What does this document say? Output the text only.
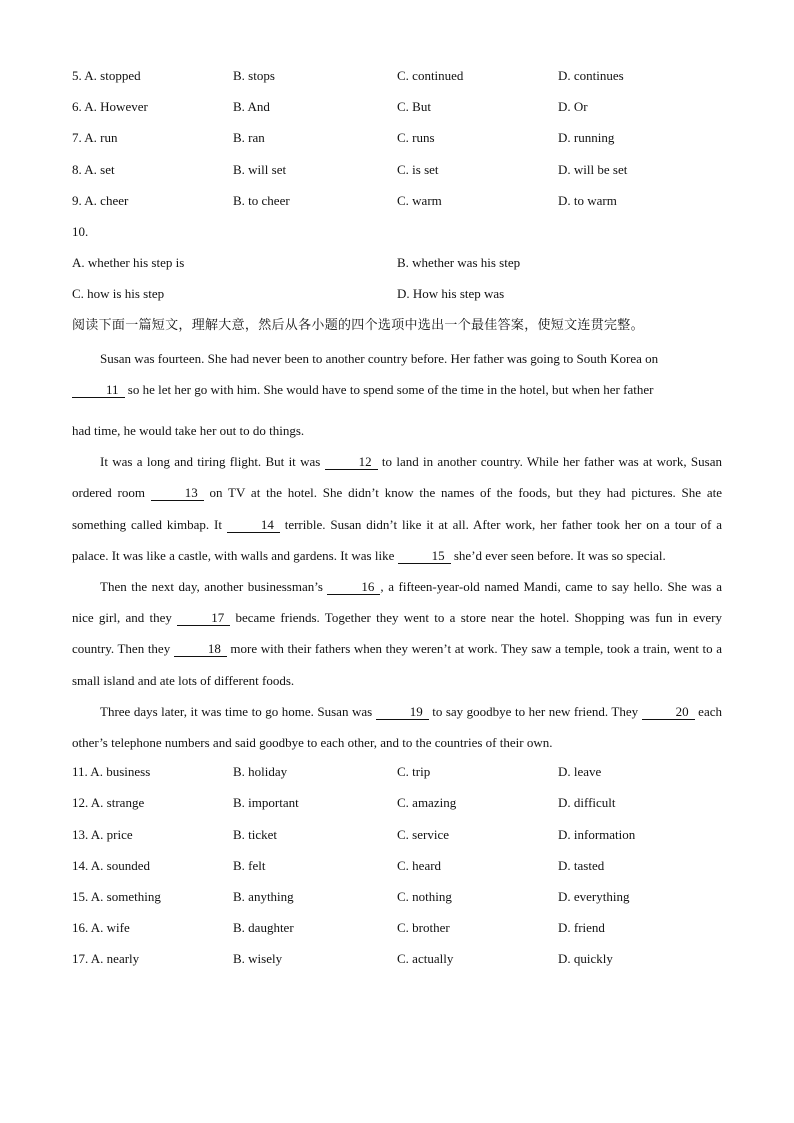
5. A. stopped	B. stops	C. continued	D. continues
6. A. However	B. And	C. But	D. Or
7. A. run	B. ran	C. runs	D. running
8. A. set	B. will set	C. is set	D. will be set
9. A. cheer	B. to cheer	C. warm	D. to warm
10.
A. whether his step is	B. whether was his step
C. how is his step	D. How his step was
阅读下面一篇短文，理解大意，然后从各小题的四个选项中选出一个最佳答案，使短文连贯完整。

Susan was fourteen. She had never been to another country before. Her father was going to South Korea on
11 so he let her go with him. She would have to spend some of the time in the hotel, but when her father

had time, he would take her out to do things.

It was a long and tiring flight. But it was	12 to land in another country. While her father was at work, Susan ordered room	13 on TV at the hotel. She didn’t know the names of the foods, but they had pictures. She ate something called kimbap. It	14 terrible. Susan didn’t like it at all. After work, her father took her on a tour of a palace. It was like a castle, with walls and gardens. It was like	15 she’d ever seen before. It was so special.

Then the next day, another businessman’s	16 , a fifteen-year-old named Mandi, came to say hello. She was a nice girl, and they	17 became friends. Together they went to a store near the hotel. Shopping was fun in every country. Then they	18 more with their fathers when they weren’t at work. They saw a temple, took a train, went to a small island and ate lots of different foods.

Three days later, it was time to go home. Susan was	19 to say goodbye to her new friend. They	20 each other’s telephone numbers and said goodbye to each other, and to the countries of their own.

11. A. business	B. holiday	C. trip	D. leave
12. A. strange	B. important	C. amazing	D. difficult
13. A. price	B. ticket	C. service	D. information
14. A. sounded	B. felt	C. heard	D. tasted
15. A. something	B. anything	C. nothing	D. everything
16. A. wife	B. daughter	C. brother	D. friend
17. A. nearly	B. wisely	C. actually	D. quickly
